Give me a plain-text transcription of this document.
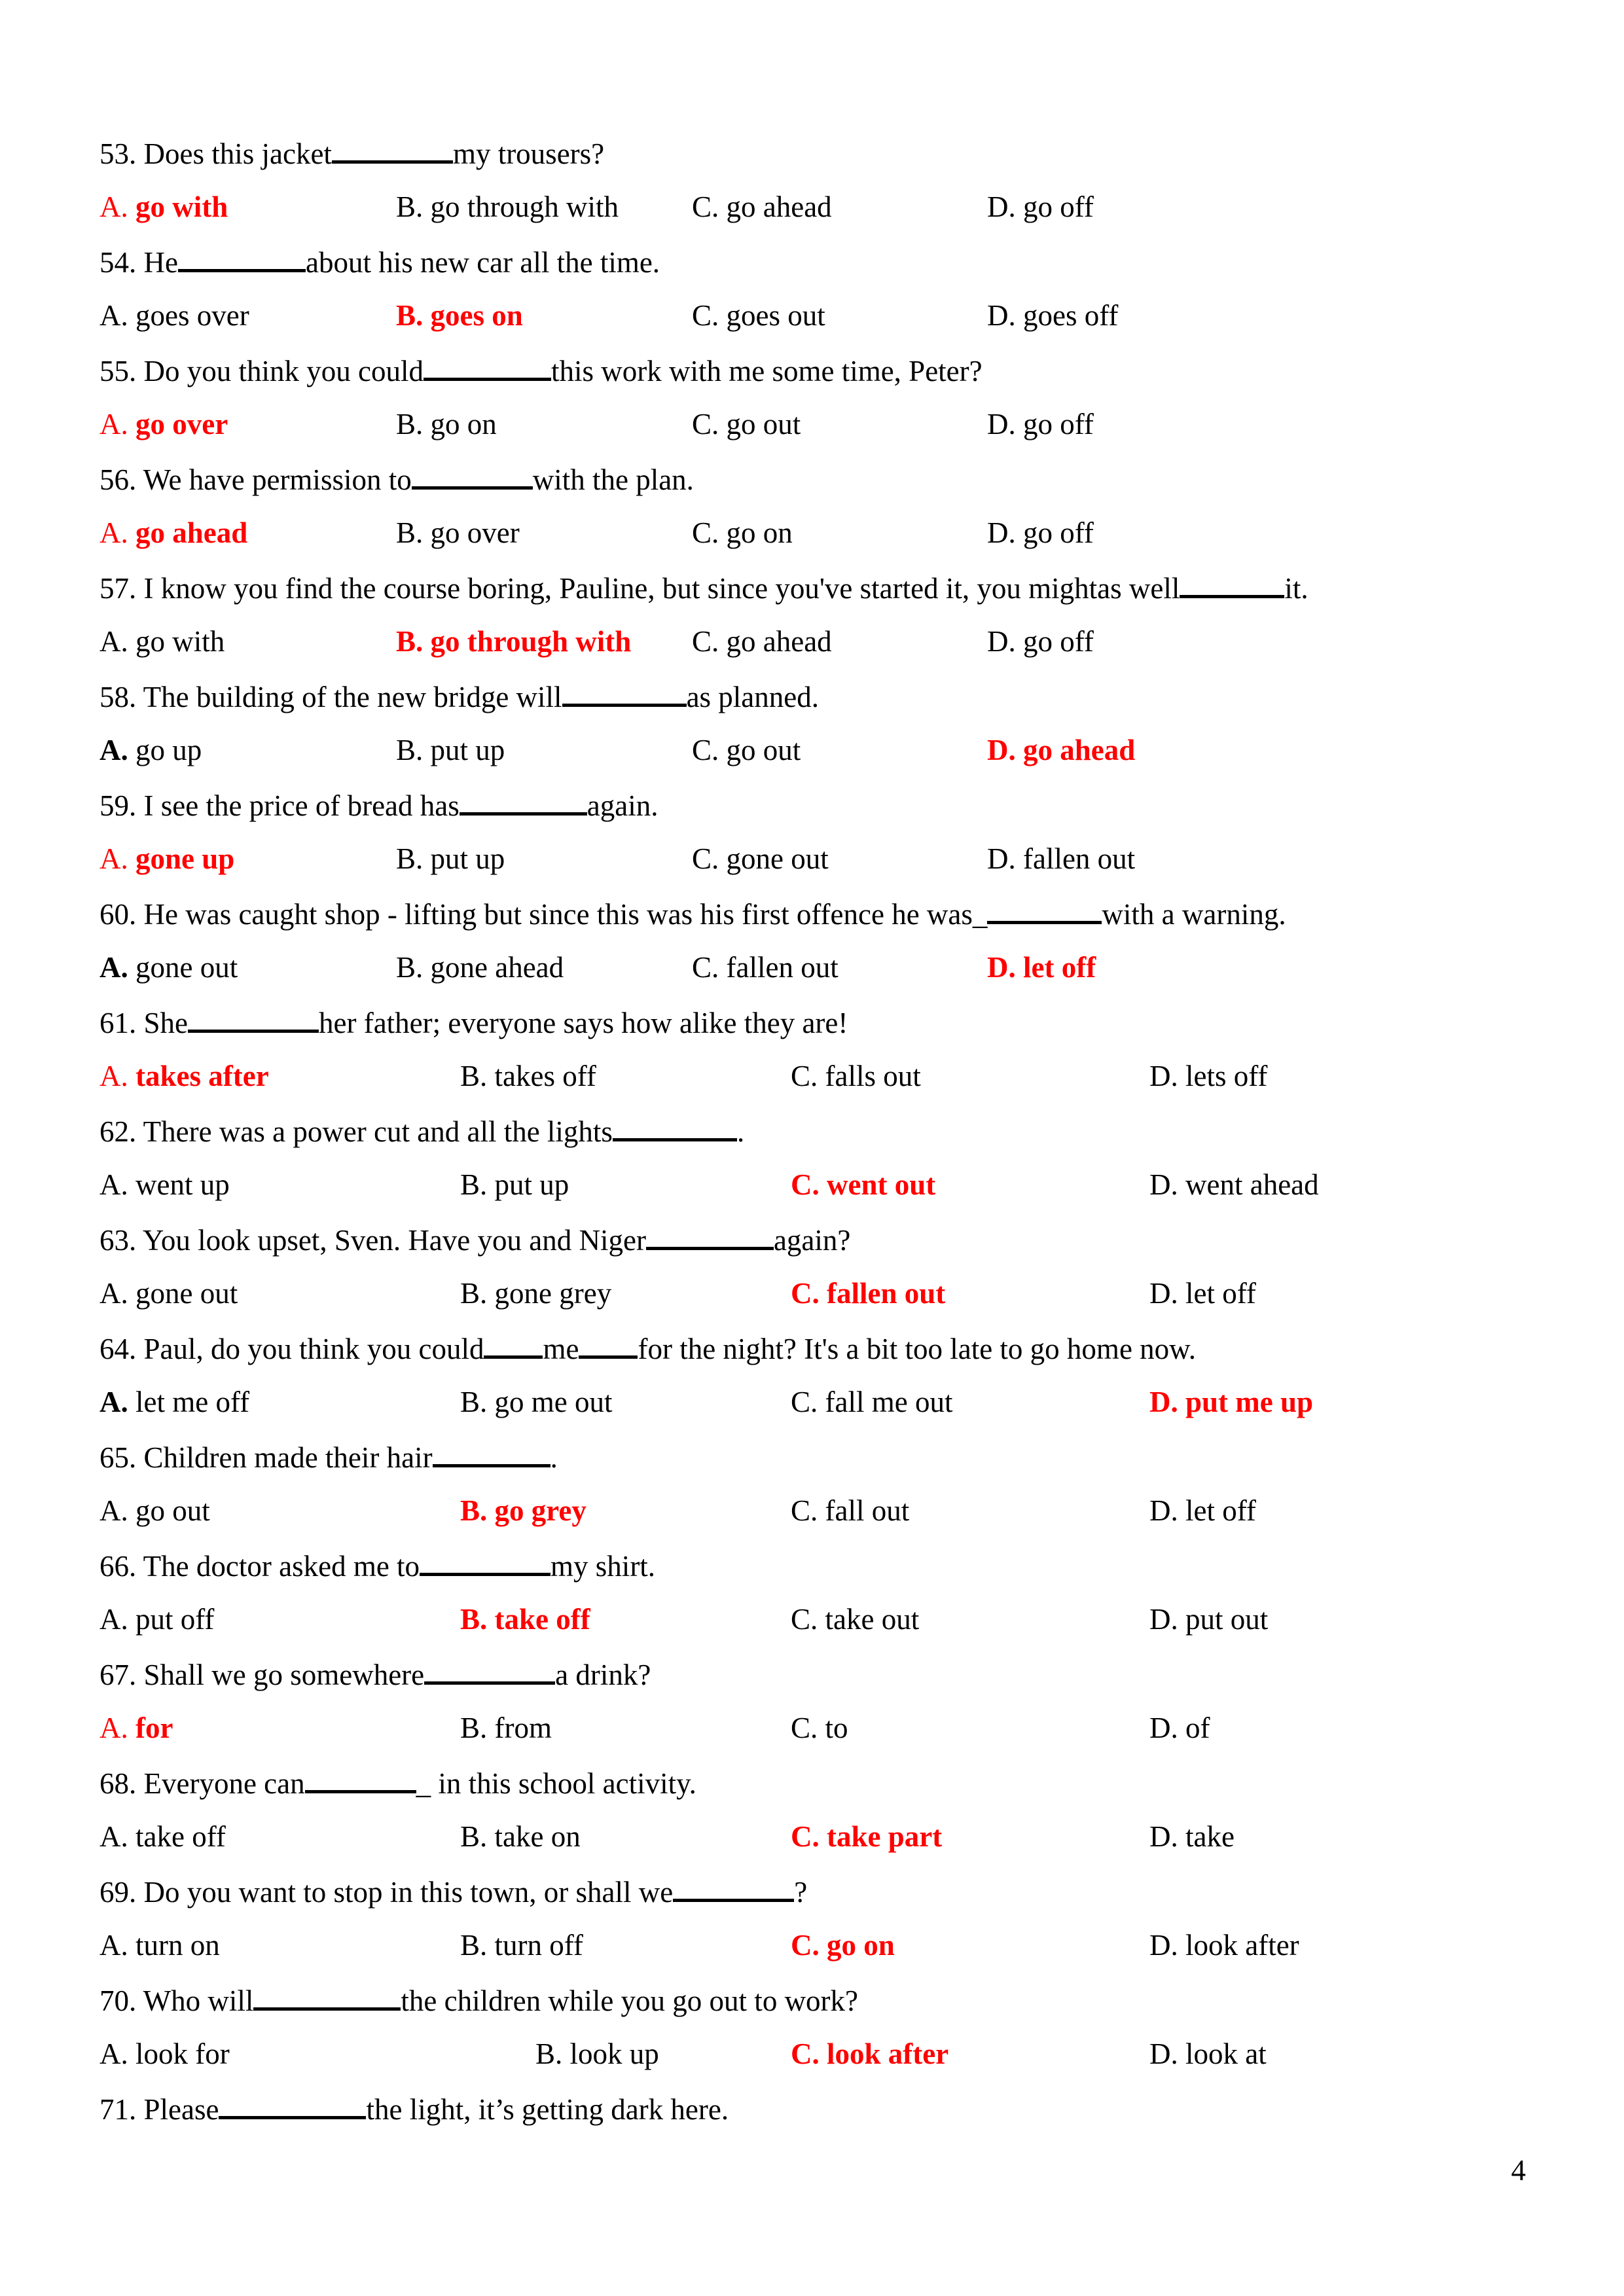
53. Does this jacket	my trousers?
A. go with	B. go through with C. go ahead	D. go off
54. He	about his new car all the time.
A. goes over	B. goes on	C. goes out	D. goes off
55. Do you think you could	this work with me some time, Peter?
A. go over	B. go on	C. go out	D. go off
56. We have permission to	with the plan.
A. go ahead	B. go over	C. go on	D. go off
57. I know you find the course boring, Pauline, but since you've started it, you mightas well	it.
A. go with	B. go through with C. go ahead	D. go off
58. The building of the new bridge will	as planned.
A. go up	B. put up	C. go out	D. go ahead
59. I see the price of bread has	again.
A. gone up	B. put up	C. gone out	D. fallen out
60. He was caught shop - lifting but since this was his first offence he was_	with a warning.
A. gone out	B. gone ahead	C. fallen out	D. let off
61. She	her father; everyone says how alike they are!
A. takes after	B. takes off	C. falls out	D. lets off
62. There was a power cut and all the lights	.
A. went up	B. put up	C. went out	D. went ahead
63. You look upset, Sven. Have you and Niger	again?
A. gone out	B. gone grey	C. fallen out	D. let off
64. Paul, do you think you could me for the night? It's a bit too late to go home now.
A. let me off	B. go me out	C. fall me out	D. put me up
65. Children made their hair	.
A. go out	B. go grey	C. fall out	D. let off
66. The doctor asked me to	my shirt.
A. put off	B. take off	C. take out	D. put out
67. Shall we go somewhere	a drink?
A. for	B. from	C. to	D. of
68. Everyone can	_ in this school activity.
A. take off	B. take on	C. take part	D. take
69. Do you want to stop in this town, or shall we	?
A. turn on	B. turn off	C. go on	D. look after
70. Who will	the children while you go out to work?
A. look for	B. look up	C. look after	D. look at
71. Please	the light, it’s getting dark here.
4
